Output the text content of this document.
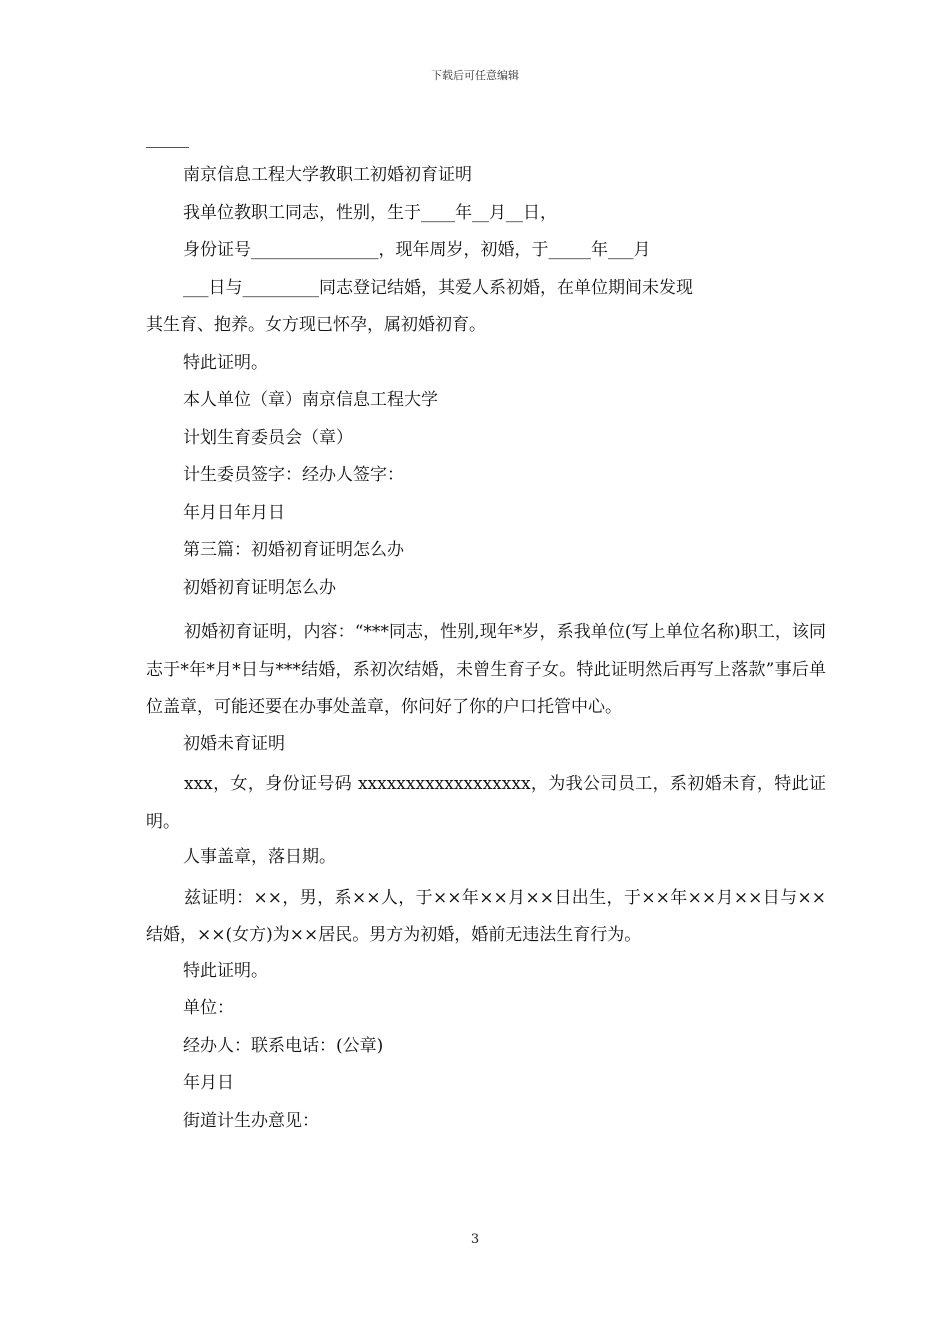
下载后可任意编辑
南京信息工程大学教职工初婚初育证明
我单位教职工同志，性别，生于____年__月__日，
身份证号_______________，现年周岁，初婚，于_____年___月
___日与_________同志登记结婚，其爱人系初婚，在单位期间未发现
其生育、抱养。女方现已怀孕，属初婚初育。
特此证明。
本人单位（章）南京信息工程大学
计划生育委员会（章）
计生委员签字：经办人签字：
年月日年月日
第三篇：初婚初育证明怎么办
初婚初育证明怎么办

初婚初育证明，内容：“***同志，性别,现年*岁，系我单位(写上单位名称)职工，该同志于*年*月*日与***结婚，系初次结婚，未曾生育子女。特此证明然后再写上落款”事后单位盖章，可能还要在办事处盖章，你问好了你的户口托管中心。

初婚未育证明

xxx，女，身份证号码 xxxxxxxxxxxxxxxxxx，为我公司员工，系初婚未育，特此证明。

人事盖章，落日期。

兹证明：××，男，系××人，于××年××月××日出生，于××年××月××日与××结婚，××(女方)为××居民。男方为初婚，婚前无违法生育行为。

特此证明。
单位：
经办人：联系电话：(公章)
年月日
街道计生办意见：
3
